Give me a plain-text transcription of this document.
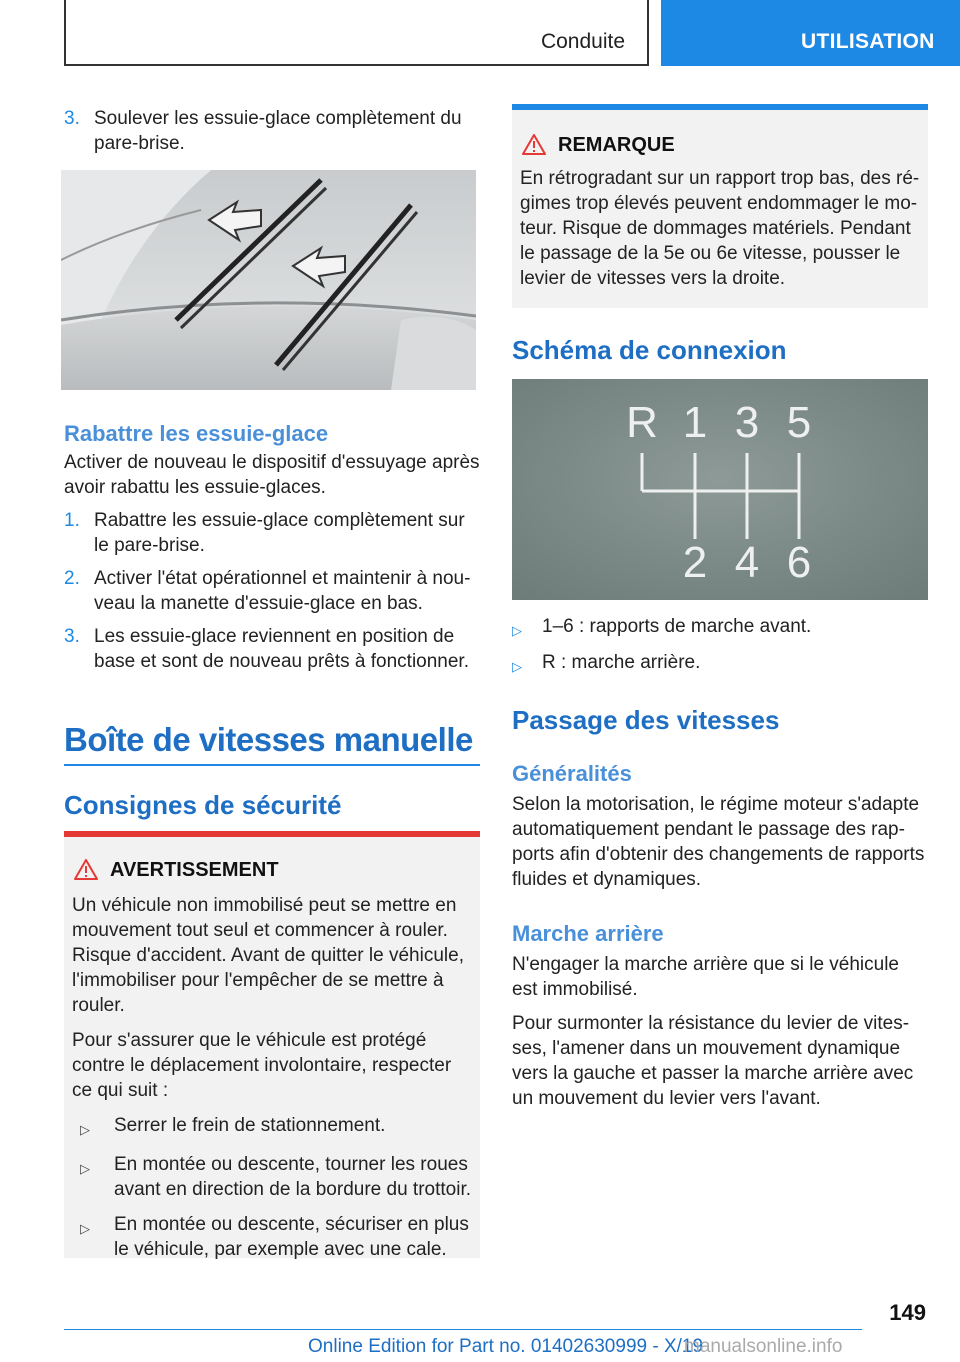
Conduite	UTILISATION
3. Soulever les essuie-glace complètement du pare-brise.
Rabattre les essuie-glace

Activer de nouveau le dispositif d'essuyage après avoir rabattu les essuie-glaces.

1. Rabattre les essuie-glace complètement sur le pare-brise.
2. Activer l'état opérationnel et maintenir à nouveau la manette d'essuie-glace en bas.
3. Les essuie-glace reviennent en position de base et sont de nouveau prêts à fonctionner.
Boîte de vitesses manuelle
Consignes de sécurité
AVERTISSEMENT

Un véhicule non immobilisé peut se mettre en mouvement tout seul et commencer à rouler. Risque d'accident. Avant de quitter le véhicule, l'immobiliser pour l'empêcher de se mettre à rouler.

Pour s'assurer que le véhicule est protégé contre le déplacement involontaire, respecter ce qui suit :

▷	Serrer le frein de stationnement.
▷	En montée ou descente, tourner les roues avant en direction de la bordure du trottoir.
▷	En montée ou descente, sécuriser en plus le véhicule, par exemple avec une cale.
REMARQUE

En rétrogradant sur un rapport trop bas, des régimes trop élevés peuvent endommager le moteur. Risque de dommages matériels. Pendant le passage de la 5e ou 6e vitesse, pousser le levier de vitesses vers la droite.

Schéma de connexion
R 1 3 5
2 4 6
▷	1–6 : rapports de marche avant.
▷	R : marche arrière.
Passage des vitesses
Généralités

Selon la motorisation, le régime moteur s'adapte automatiquement pendant le passage des rapports afin d'obtenir des changements de rapports fluides et dynamiques.

Marche arrière

N'engager la marche arrière que si le véhicule est immobilisé.

Pour surmonter la résistance du levier de vitesses, l'amener dans un mouvement dynamique vers la gauche et passer la marche arrière avec un mouvement du levier vers l'avant.

149
Online Edition for Part no. 01402630999 - X/19
manualsonline.info
